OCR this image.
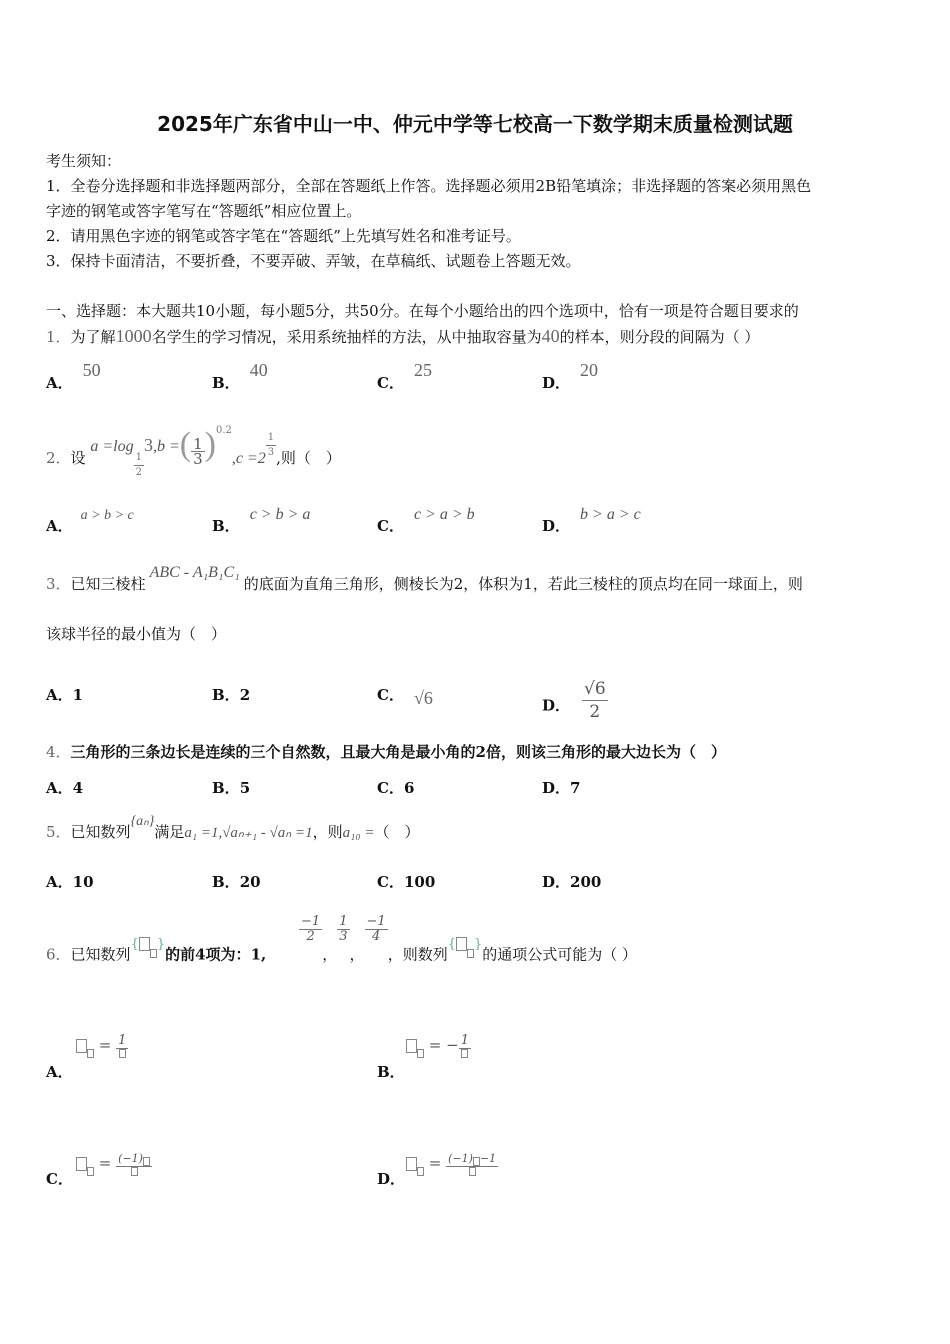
2025年广东省中山一中、仲元中学等七校高一下数学期末质量检测试题
考生须知：
1．全卷分选择题和非选择题两部分，全部在答题纸上作答。选择题必须用2B铅笔填涂；非选择题的答案必须用黑色
字迹的钢笔或答字笔写在“答题纸”相应位置上。
2．请用黑色字迹的钢笔或答字笔在“答题纸”上先填写姓名和准考证号。
3．保持卡面清洁，不要折叠，不要弄破、弄皱，在草稿纸、试题卷上答题无效。
一、选择题：本大题共10小题，每小题5分，共50分。在每个小题给出的四个选项中，恰有一项是符合题目要求的
1．为了解1000名学生的学习情况，采用系统抽样的方法，从中抽取容量为40的样本，则分段的间隔为（ ）
A．50
B．40
C．25
D．20
2．设 a =log
$\frac{1}{2}$
3,b =( $\frac{1}{3} )^{0.2},c =2 \frac{1}{3}$ ,则（　）
A．a > b > c
B．c > b > a
C．c > a > b
D．b > a > c
3．已知三棱柱ABC - A₁B₁C₁的底面为直角三角形，侧棱长为2，体积为1，若此三棱柱的顶点均在同一球面上，则
该球半径的最小值为（　）
A．1	B．2	C． √6	D． $\frac{√6}{2}$
4．三角形的三条边长是连续的三个自然数，且最大角是最小角的2倍，则该三角形的最大边长为（　）
A．4	B．5	C．6	D．7
5．已知数列{aₙ}满足a₁ =1,√aₙ₊₁ - √aₙ =1，则a₁₀ =（　）
A．10	B．20	C．100	D．200
6．已知数列{ }的前4项为：1,
$\frac{-1}{2}$
，
$\frac{1}{3}$
，
$\frac{-1}{4}$
，则数列{ }的通项公式可能为（ ）
A．
= 1
B．
= − 1
C．
= (−1)
D．
= (−1) −1
